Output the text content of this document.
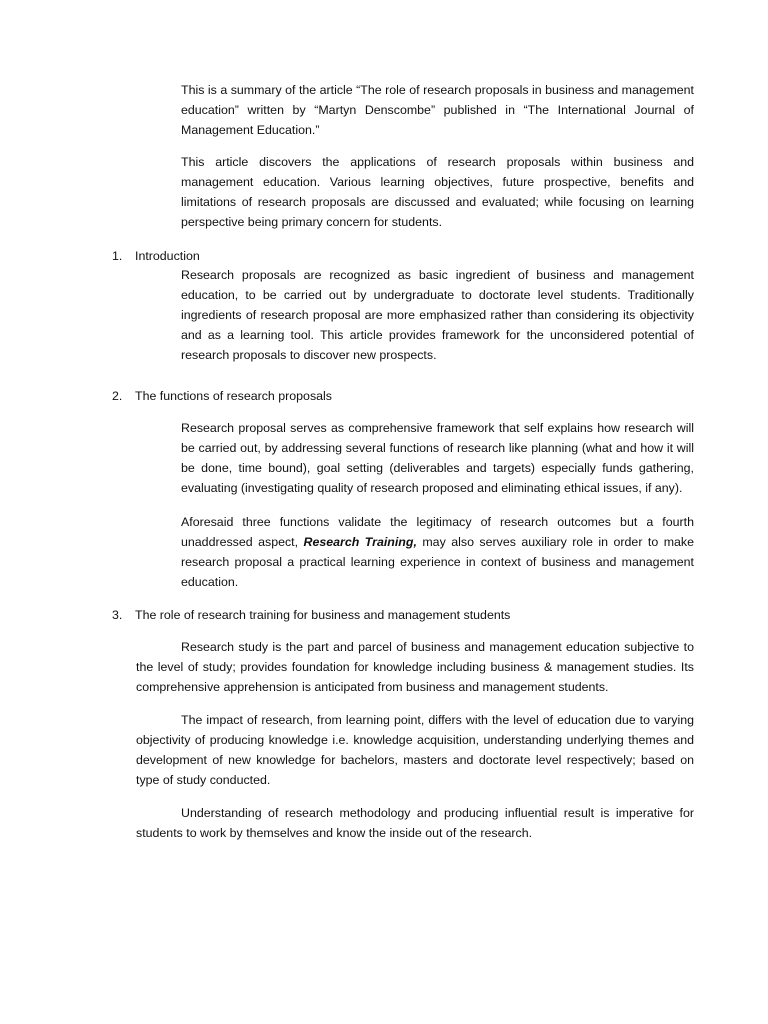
This is a summary of the article “The role of research proposals in business and management education” written by “Martyn Denscombe” published in “The International Journal of Management Education.”

This article discovers the applications of research proposals within business and management education. Various learning objectives, future prospective, benefits and limitations of research proposals are discussed and evaluated; while focusing on learning perspective being primary concern for students.

1. Introduction

Research proposals are recognized as basic ingredient of business and management education, to be carried out by undergraduate to doctorate level students. Traditionally ingredients of research proposal are more emphasized rather than considering its objectivity and as a learning tool. This article provides framework for the unconsidered potential of research proposals to discover new prospects.

2. The functions of research proposals

Research proposal serves as comprehensive framework that self explains how research will be carried out, by addressing several functions of research like planning (what and how it will be done, time bound), goal setting (deliverables and targets) especially funds gathering, evaluating (investigating quality of research proposed and eliminating ethical issues, if any).

Aforesaid three functions validate the legitimacy of research outcomes but a fourth unaddressed aspect, Research Training, may also serves auxiliary role in order to make research proposal a practical learning experience in context of business and management education.

3. The role of research training for business and management students

Research study is the part and parcel of business and management education subjective to the level of study; provides foundation for knowledge including business & management studies. Its comprehensive apprehension is anticipated from business and management students.

The impact of research, from learning point, differs with the level of education due to varying objectivity of producing knowledge i.e. knowledge acquisition, understanding underlying themes and development of new knowledge for bachelors, masters and doctorate level respectively; based on type of study conducted.

Understanding of research methodology and producing influential result is imperative for students to work by themselves and know the inside out of the research.
